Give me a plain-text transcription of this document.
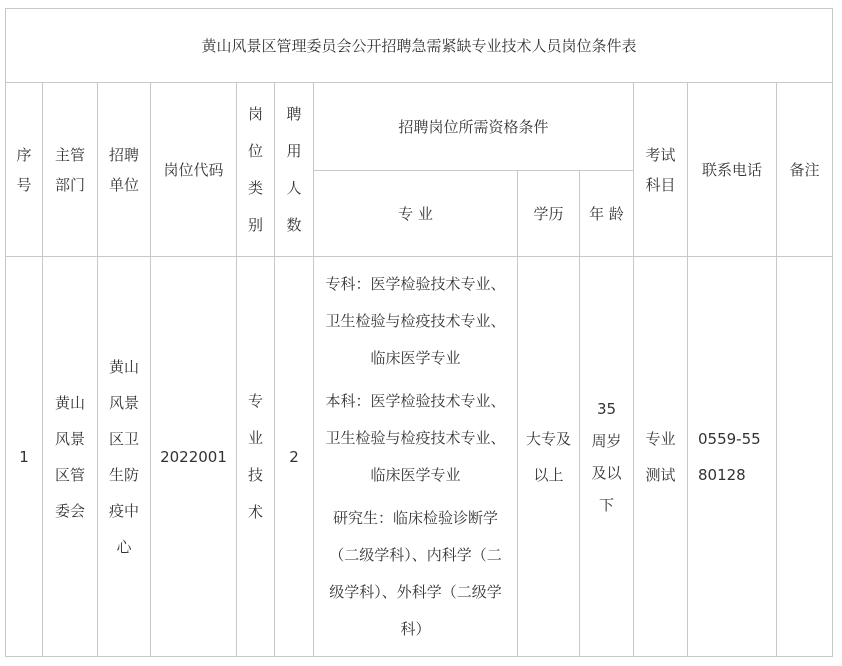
黄山风景区管理委员会公开招聘急需紧缺专业技术人员岗位条件表											

序号	主管部门	招聘单位	岗位代码	岗位类别	聘用人数	招聘岗位所需资格条件			考试科目	联系电话	备注
						专 业	学历	年 龄			
1	黄山风景区管委会	黄山风景区卫生防疫中心	2022001	专业技术	2	专科：医学检验技术专业、卫生检验与检疫技术专业、临床医学专业

本科：医学检验技术专业、卫生检验与检疫技术专业、临床医学专业

研究生：临床检验诊断学（二级学科）、内科学（二级学科）、外科学（二级学科）	大专及以上	35周岁及以下	专业测试	0559-5580128	
